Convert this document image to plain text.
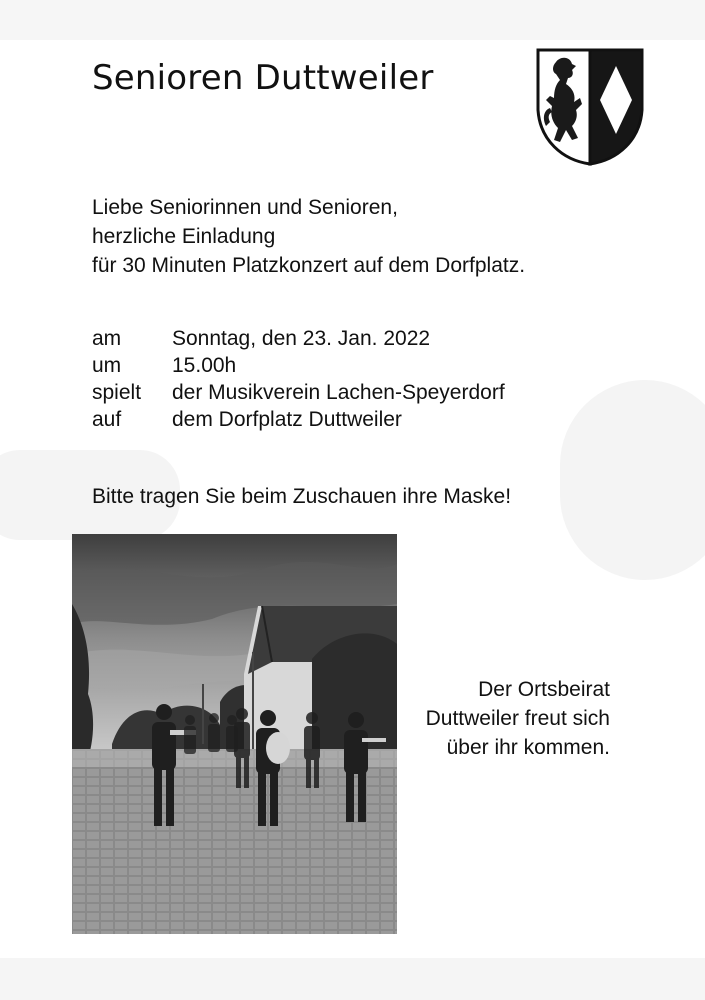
Senioren Duttweiler
Liebe Seniorinnen und Senioren,
herzliche Einladung
für 30 Minuten Platzkonzert auf dem Dorfplatz.
am	Sonntag, den 23. Jan. 2022
um	15.00h
spielt	der Musikverein Lachen-Speyerdorf
auf	dem Dorfplatz Duttweiler
Bitte tragen Sie beim Zuschauen ihre Maske!
Der Ortsbeirat
Duttweiler freut sich
über ihr kommen.
